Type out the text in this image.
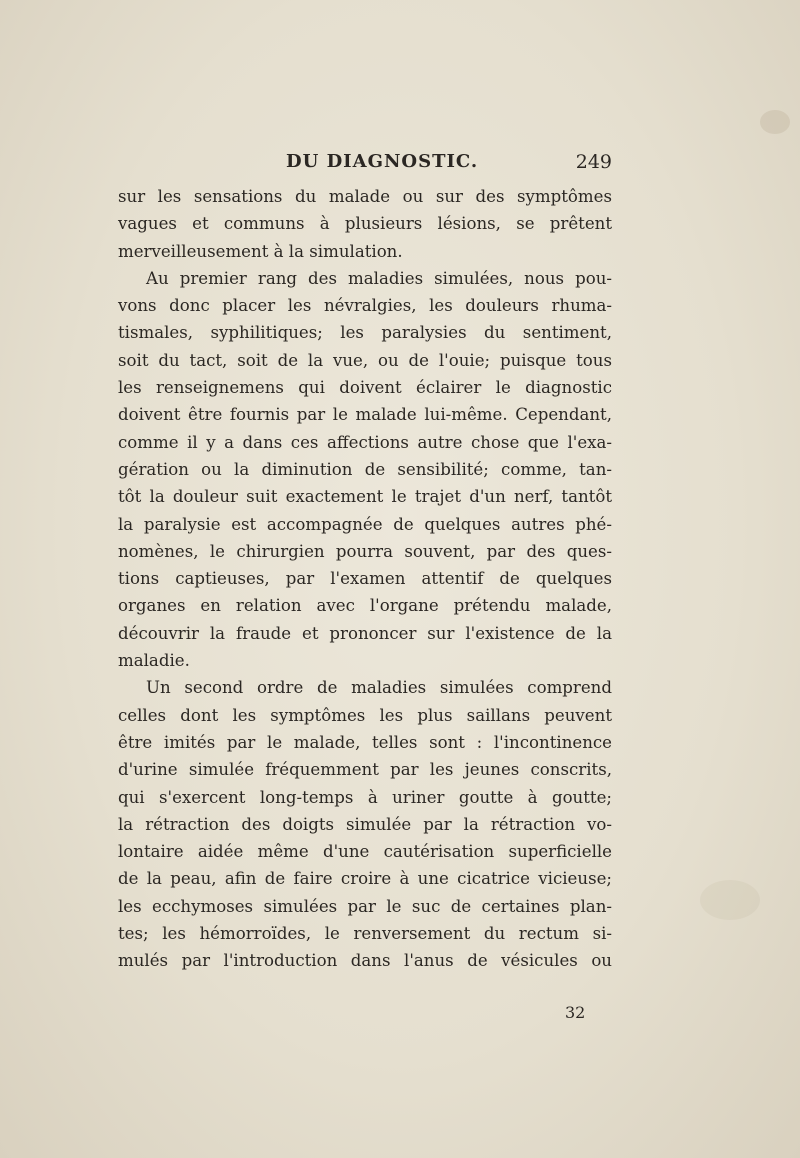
DU DIAGNOSTIC.	249
sur les sensations du malade ou sur des symptômes
vagues et communs à plusieurs lésions, se prêtent
merveilleusement à la simulation.
Au premier rang des maladies simulées, nous pou-
vons donc placer les névralgies, les douleurs rhuma-
tismales, syphilitiques; les paralysies du sentiment,
soit du tact, soit de la vue, ou de l'ouie; puisque tous
les renseignemens qui doivent éclairer le diagnostic
doivent être fournis par le malade lui-même. Cependant,
comme il y a dans ces affections autre chose que l'exa-
gération ou la diminution de sensibilité; comme, tan-
tôt la douleur suit exactement le trajet d'un nerf, tantôt
la paralysie est accompagnée de quelques autres phé-
nomènes, le chirurgien pourra souvent, par des ques-
tions captieuses, par l'examen attentif de quelques
organes en relation avec l'organe prétendu malade,
découvrir la fraude et prononcer sur l'existence de la
maladie.
Un second ordre de maladies simulées comprend
celles dont les symptômes les plus saillans peuvent
être imités par le malade, telles sont : l'incontinence
d'urine simulée fréquemment par les jeunes conscrits,
qui s'exercent long-temps à uriner goutte à goutte;
la rétraction des doigts simulée par la rétraction vo-
lontaire aidée même d'une cautérisation superficielle
de la peau, afin de faire croire à une cicatrice vicieuse;
les ecchymoses simulées par le suc de certaines plan-
tes; les hémorroïdes, le renversement du rectum si-
mulés par l'introduction dans l'anus de vésicules ou
32
